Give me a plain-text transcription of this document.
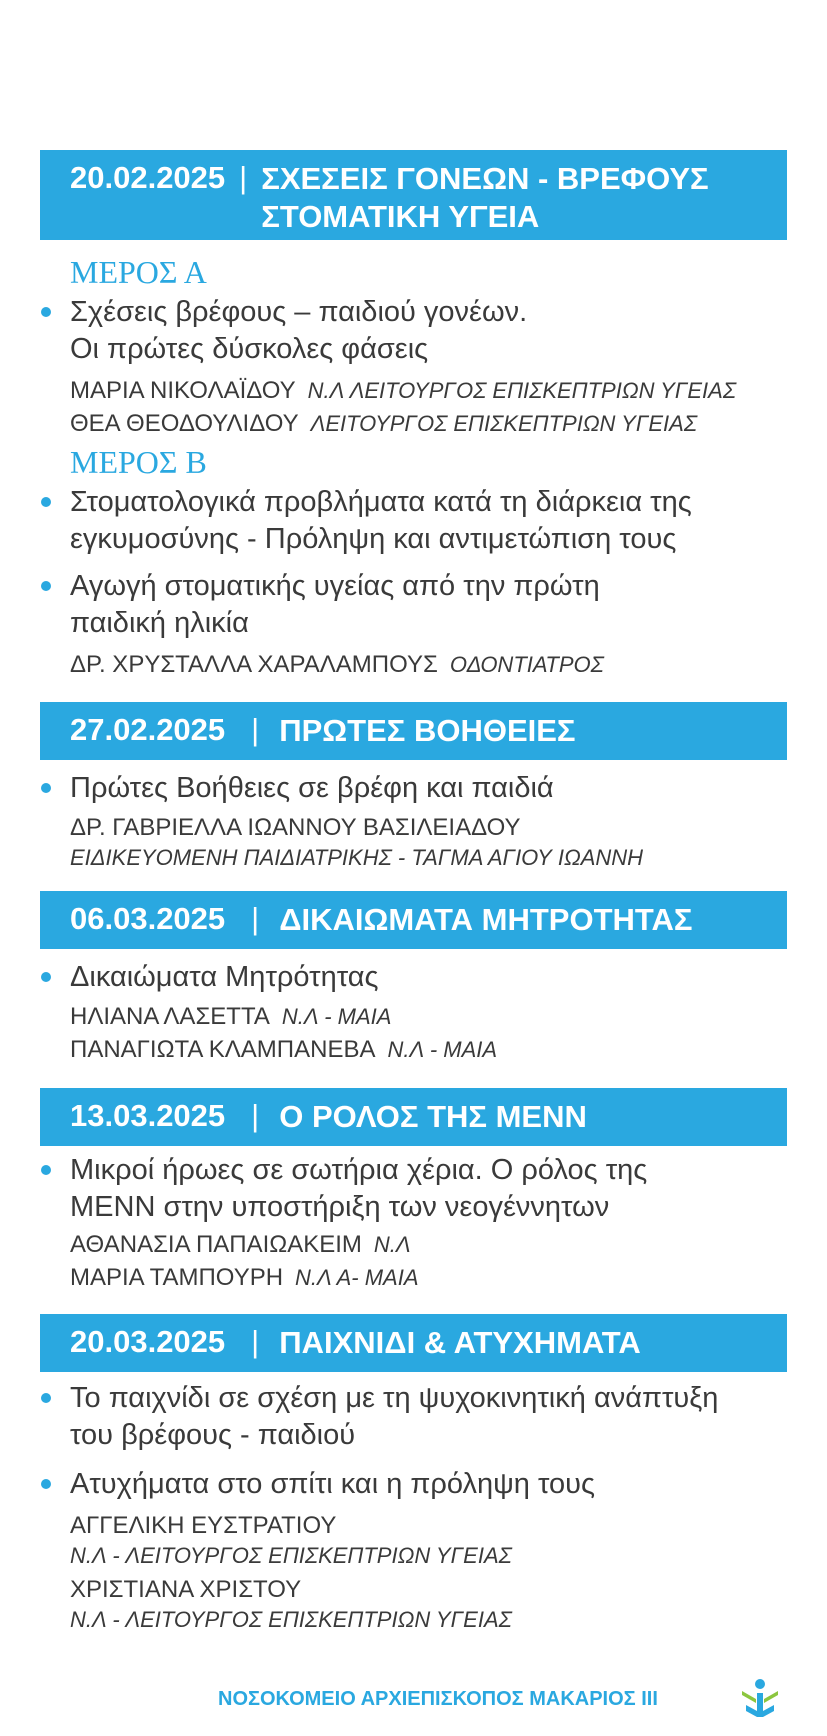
20.02.2025 | ΣΧΕΣΕΙΣ ΓΟΝΕΩΝ - ΒΡΕΦΟΥΣ
ΣΤΟΜΑΤΙΚΗ ΥΓΕΙΑ
ΜΕΡΟΣ Α
Σχέσεις βρέφους – παιδιού γονέων.
Οι πρώτες δύσκολες φάσεις
ΜΑΡΙΑ ΝΙΚΟΛΑΪΔΟΥ Ν.Λ ΛΕΙΤΟΥΡΓΟΣ ΕΠΙΣΚΕΠΤΡΙΩΝ ΥΓΕΙΑΣ
ΘΕΑ ΘΕΟΔΟΥΛΙΔΟΥ ΛΕΙΤΟΥΡΓΟΣ ΕΠΙΣΚΕΠΤΡΙΩΝ ΥΓΕΙΑΣ
ΜΕΡΟΣ Β
Στοματολογικά προβλήματα κατά τη διάρκεια της
εγκυμοσύνης - Πρόληψη και αντιμετώπιση τους
Αγωγή στοματικής υγείας από την πρώτη
παιδική ηλικία
ΔΡ. ΧΡΥΣΤΑΛΛΑ ΧΑΡΑΛΑΜΠΟΥΣ ΟΔΟΝΤΙΑΤΡΟΣ
27.02.2025 | ΠΡΩΤΕΣ ΒΟΗΘΕΙΕΣ
Πρώτες Βοήθειες σε βρέφη και παιδιά
ΔΡ. ΓΑΒΡΙΕΛΛΑ ΙΩΑΝΝΟΥ ΒΑΣΙΛΕΙΑΔΟΥ
ΕΙΔΙΚΕΥΟΜΕΝΗ ΠΑΙΔΙΑΤΡΙΚΗΣ - ΤΑΓΜΑ ΑΓΙΟΥ ΙΩΑΝΝΗ
06.03.2025 | ΔΙΚΑΙΩΜΑΤΑ ΜΗΤΡΟΤΗΤΑΣ
Δικαιώματα Μητρότητας
ΗΛΙΑΝΑ ΛΑΣΕΤΤΑ Ν.Λ - ΜΑΙΑ
ΠΑΝΑΓΙΩΤΑ ΚΛΑΜΠΑΝΕΒΑ Ν.Λ - ΜΑΙΑ
13.03.2025 | Ο ΡΟΛΟΣ ΤΗΣ ΜΕΝΝ
Μικροί ήρωες σε σωτήρια χέρια. Ο ρόλος της
ΜΕΝΝ στην υποστήριξη των νεογέννητων
ΑΘΑΝΑΣΙΑ ΠΑΠΑΙΩΑΚΕΙΜ Ν.Λ
ΜΑΡΙΑ ΤΑΜΠΟΥΡΗ Ν.Λ Α- ΜΑΙΑ
20.03.2025 | ΠΑΙΧΝΙΔΙ & ΑΤΥΧΗΜΑΤΑ
Το παιχνίδι σε σχέση με τη ψυχοκινητική ανάπτυξη
του βρέφους - παιδιού
Ατυχήματα στο σπίτι και η πρόληψη τους
ΑΓΓΕΛΙΚΗ ΕΥΣΤΡΑΤΙΟΥ
Ν.Λ - ΛΕΙΤΟΥΡΓΟΣ ΕΠΙΣΚΕΠΤΡΙΩΝ ΥΓΕΙΑΣ
ΧΡΙΣΤΙΑΝΑ ΧΡΙΣΤΟΥ
Ν.Λ - ΛΕΙΤΟΥΡΓΟΣ ΕΠΙΣΚΕΠΤΡΙΩΝ ΥΓΕΙΑΣ
ΝΟΣΟΚΟΜΕΙΟ ΑΡΧΙΕΠΙΣΚΟΠΟΣ ΜΑΚΑΡΙΟΣ ΙΙΙ
